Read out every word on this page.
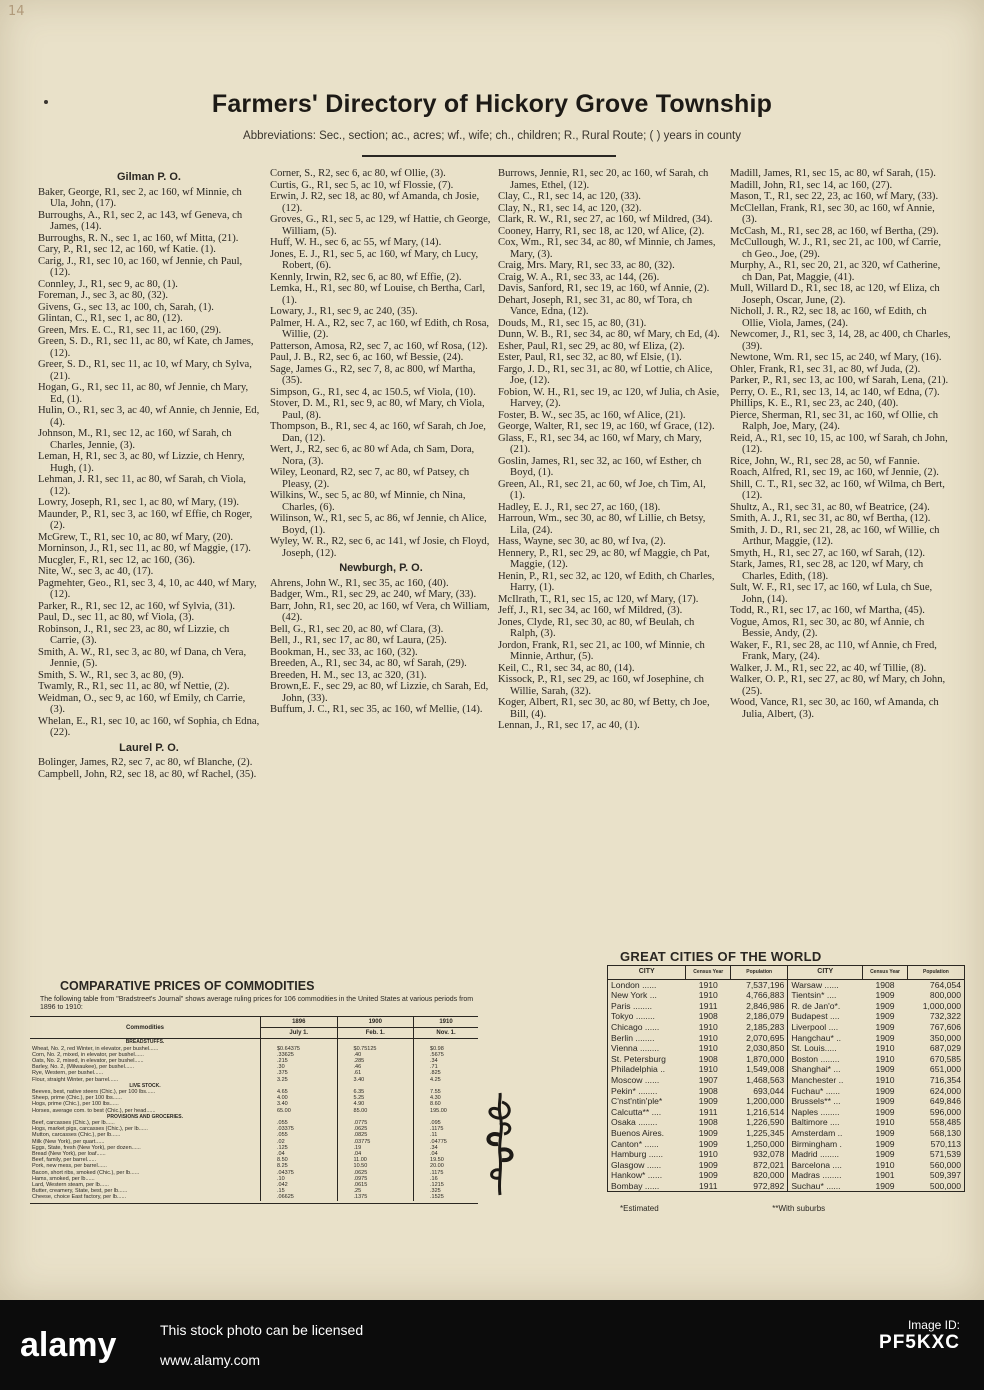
14
Farmers' Directory of Hickory Grove Township
Abbreviations: Sec., section; ac., acres; wf., wife; ch., children; R., Rural Route; ( ) years in county

Gilman P. O.

Baker, George, R1, sec 2, ac 160, wf Minnie, ch Ula, John, (17).

Burroughs, A., R1, sec 2, ac 143, wf Geneva, ch James, (14).

Burroughs, R. N., sec 1, ac 160, wf Mitta, (21).

Cary, P., R1, sec 12, ac 160, wf Katie. (1).

Carig, J., R1, sec 10, ac 160, wf Jennie, ch Paul, (12).

Connley, J., R1, sec 9, ac 80, (1).

Foreman, J., sec 3, ac 80, (32).

Givens, G., sec 13, ac 100, ch, Sarah, (1).

Glintan, C., R1, sec 1, ac 80, (12).

Green, Mrs. E. C., R1, sec 11, ac 160, (29).

Green, S. D., R1, sec 11, ac 80, wf Kate, ch James, (12).

Greer, S. D., R1, sec 11, ac 10, wf Mary, ch Sylva, (21).

Hogan, G., R1, sec 11, ac 80, wf Jennie, ch Mary, Ed, (1).

Hulin, O., R1, sec 3, ac 40, wf Annie, ch Jennie, Ed, (4).

Johnson, M., R1, sec 12, ac 160, wf Sarah, ch Charles, Jennie, (3).

Leman, H, R1, sec 3, ac 80, wf Lizzie, ch Henry, Hugh, (1).

Lehman, J. R1, sec 11, ac 80, wf Sarah, ch Viola, (12).

Lowry, Joseph, R1, sec 1, ac 80, wf Mary, (19).

Maunder, P., R1, sec 3, ac 160, wf Effie, ch Roger, (2).

McGrew, T., R1, sec 10, ac 80, wf Mary, (20).

Morninson, J., R1, sec 11, ac 80, wf Maggie, (17).

Mucgler, F., R1, sec 12, ac 160, (36).

Nite, W., sec 3, ac 40, (17).

Pagmehter, Geo., R1, sec 3, 4, 10, ac 440, wf Mary, (12).

Parker, R., R1, sec 12, ac 160, wf Sylvia, (31).

Paul, D., sec 11, ac 80, wf Viola, (3).

Robinson, J., R1, sec 23, ac 80, wf Lizzie, ch Carrie, (3).

Smith, A. W., R1, sec 3, ac 80, wf Dana, ch Vera, Jennie, (5).

Smith, S. W., R1, sec 3, ac 80, (9).

Twamly, R., R1, sec 11, ac 80, wf Nettie, (2).

Weidman, O., sec 9, ac 160, wf Emily, ch Carrie, (3).

Whelan, E., R1, sec 10, ac 160, wf Sophia, ch Edna, (22).

Laurel P. O.

Bolinger, James, R2, sec 7, ac 80, wf Blanche, (2).

Campbell, John, R2, sec 18, ac 80, wf Rachel, (35).

Corner, S., R2, sec 6, ac 80, wf Ollie, (3).

Curtis, G., R1, sec 5, ac 10, wf Flossie, (7).

Erwin, J. R2, sec 18, ac 80, wf Amanda, ch Josie, (12).

Groves, G., R1, sec 5, ac 129, wf Hattie, ch George, William, (5).

Huff, W. H., sec 6, ac 55, wf Mary, (14).

Jones, E. J., R1, sec 5, ac 160, wf Mary, ch Lucy, Robert, (6).

Kennly, Irwin, R2, sec 6, ac 80, wf Effie, (2).

Lemka, H., R1, sec 80, wf Louise, ch Bertha, Carl, (1).

Lowary, J., R1, sec 9, ac 240, (35).

Palmer, H. A., R2, sec 7, ac 160, wf Edith, ch Rosa, Willie, (2).

Patterson, Amosa, R2, sec 7, ac 160, wf Rosa, (12).

Paul, J. B., R2, sec 6, ac 160, wf Bessie, (24).

Sage, James G., R2, sec 7, 8, ac 800, wf Martha, (35).

Simpson, G., R1, sec 4, ac 150.5, wf Viola, (10).

Stover, D. M., R1, sec 9, ac 80, wf Mary, ch Viola, Paul, (8).

Thompson, B., R1, sec 4, ac 160, wf Sarah, ch Joe, Dan, (12).

Wert, J., R2, sec 6, ac 80 wf Ada, ch Sam, Dora, Nora, (3).

Wiley, Leonard, R2, sec 7, ac 80, wf Patsey, ch Pleasy, (2).

Wilkins, W., sec 5, ac 80, wf Minnie, ch Nina, Charles, (6).

Wilinson, W., R1, sec 5, ac 86, wf Jennie, ch Alice, Boyd, (1).

Wyley, W. R., R2, sec 6, ac 141, wf Josie, ch Floyd, Joseph, (12).

Newburgh, P. O.

Ahrens, John W., R1, sec 35, ac 160, (40).

Badger, Wm., R1, sec 29, ac 240, wf Mary, (33).

Barr, John, R1, sec 20, ac 160, wf Vera, ch William, (42).

Bell, G., R1, sec 20, ac 80, wf Clara, (3).

Bell, J., R1, sec 17, ac 80, wf Laura, (25).

Bookman, H., sec 33, ac 160, (32).

Breeden, A., R1, sec 34, ac 80, wf Sarah, (29).

Breeden, H. M., sec 13, ac 320, (31).

Brown,E. F., sec 29, ac 80, wf Lizzie, ch Sarah, Ed, John, (33).

Buffum, J. C., R1, sec 35, ac 160, wf Mellie, (14).

Burrows, Jennie, R1, sec 20, ac 160, wf Sarah, ch James, Ethel, (12).

Clay, C., R1, sec 14, ac 120, (33).

Clay, N., R1, sec 14, ac 120, (32).

Clark, R. W., R1, sec 27, ac 160, wf Mildred, (34).

Cooney, Harry, R1, sec 18, ac 120, wf Alice, (2).

Cox, Wm., R1, sec 34, ac 80, wf Minnie, ch James, Mary, (3).

Craig, Mrs. Mary, R1, sec 33, ac 80, (32).

Craig, W. A., R1, sec 33, ac 144, (26).

Davis, Sanford, R1, sec 19, ac 160, wf Annie, (2).

Dehart, Joseph, R1, sec 31, ac 80, wf Tora, ch Vance, Edna, (12).

Douds, M., R1, sec 15, ac 80, (31).

Dunn, W. B., R1, sec 34, ac 80, wf Mary, ch Ed, (4).

Esher, Paul, R1, sec 29, ac 80, wf Eliza, (2).

Ester, Paul, R1, sec 32, ac 80, wf Elsie, (1).

Fargo, J. D., R1, sec 31, ac 80, wf Lottie, ch Alice, Joe, (12).

Fobion, W. H., R1, sec 19, ac 120, wf Julia, ch Asie, Harvey, (2).

Foster, B. W., sec 35, ac 160, wf Alice, (21).

George, Walter, R1, sec 19, ac 160, wf Grace, (12).

Glass, F., R1, sec 34, ac 160, wf Mary, ch Mary, (21).

Goslin, James, R1, sec 32, ac 160, wf Esther, ch Boyd, (1).

Green, Al., R1, sec 21, ac 60, wf Joe, ch Tim, Al, (1).

Hadley, E. J., R1, sec 27, ac 160, (18).

Harroun, Wm., sec 30, ac 80, wf Lillie, ch Betsy, Lila, (24).

Hass, Wayne, sec 30, ac 80, wf Iva, (2).

Hennery, P., R1, sec 29, ac 80, wf Maggie, ch Pat, Maggie, (12).

Henin, P., R1, sec 32, ac 120, wf Edith, ch Charles, Harry, (1).

McIlrath, T., R1, sec 15, ac 120, wf Mary, (17).

Jeff, J., R1, sec 34, ac 160, wf Mildred, (3).

Jones, Clyde, R1, sec 30, ac 80, wf Beulah, ch Ralph, (3).

Jordon, Frank, R1, sec 21, ac 100, wf Minnie, ch Minnie, Arthur, (5).

Keil, C., R1, sec 34, ac 80, (14).

Kissock, P., R1, sec 29, ac 160, wf Josephine, ch Willie, Sarah, (32).

Koger, Albert, R1, sec 30, ac 80, wf Betty, ch Joe, Bill, (4).

Lennan, J., R1, sec 17, ac 40, (1).

Madill, James, R1, sec 15, ac 80, wf Sarah, (15).

Madill, John, R1, sec 14, ac 160, (27).

Mason, T., R1, sec 22, 23, ac 160, wf Mary, (33).

McClellan, Frank, R1, sec 30, ac 160, wf Annie, (3).

McCash, M., R1, sec 28, ac 160, wf Bertha, (29).

McCullough, W. J., R1, sec 21, ac 100, wf Carrie, ch Geo., Joe, (29).

Murphy, A., R1, sec 20, 21, ac 320, wf Catherine, ch Dan, Pat, Maggie, (41).

Mull, Willard D., R1, sec 18, ac 120, wf Eliza, ch Joseph, Oscar, June, (2).

Nicholl, J. R., R2, sec 18, ac 160, wf Edith, ch Ollie, Viola, James, (24).

Newcomer, J., R1, sec 3, 14, 28, ac 400, ch Charles, (39).

Newtone, Wm. R1, sec 15, ac 240, wf Mary, (16).

Ohler, Frank, R1, sec 31, ac 80, wf Juda, (2).

Parker, P., R1, sec 13, ac 100, wf Sarah, Lena, (21).

Perry, O. E., R1, sec 13, 14, ac 140, wf Edna, (7).

Phillips, K. E., R1, sec 23, ac 240, (40).

Pierce, Sherman, R1, sec 31, ac 160, wf Ollie, ch Ralph, Joe, Mary, (24).

Reid, A., R1, sec 10, 15, ac 100, wf Sarah, ch John, (12).

Rice, John, W., R1, sec 28, ac 50, wf Fannie.

Roach, Alfred, R1, sec 19, ac 160, wf Jennie, (2).

Shill, C. T., R1, sec 32, ac 160, wf Wilma, ch Bert, (12).

Shultz, A., R1, sec 31, ac 80, wf Beatrice, (24).

Smith, A. J., R1, sec 31, ac 80, wf Bertha, (12).

Smith, J. D., R1, sec 21, 28, ac 160, wf Willie, ch Arthur, Maggie, (12).

Smyth, H., R1, sec 27, ac 160, wf Sarah, (12).

Stark, James, R1, sec 28, ac 120, wf Mary, ch Charles, Edith, (18).

Sult, W. F., R1, sec 17, ac 160, wf Lula, ch Sue, John, (14).

Todd, R., R1, sec 17, ac 160, wf Martha, (45).

Vogue, Amos, R1, sec 30, ac 80, wf Annie, ch Bessie, Andy, (2).

Waker, F., R1, sec 28, ac 110, wf Annie, ch Fred, Frank, Mary, (24).

Walker, J. M., R1, sec 22, ac 40, wf Tillie, (8).

Walker, O. P., R1, sec 27, ac 80, wf Mary, ch John, (25).

Wood, Vance, R1, sec 30, ac 160, wf Amanda, ch Julia, Albert, (3).

COMPARATIVE PRICES OF COMMODITIES
The following table from "Bradstreet's Journal" shows average ruling prices for 106 commodities in the United States at various periods from 1896 to 1910:
Commodities	1896	1900	1910
	July 1.	Feb. 1.	Nov. 1.
BREADSTUFFS.			
Wheat, No. 2, red Winter, in elevator, per bushel......	$0.64375	$0.75125	$0.98
Corn, No. 2, mixed, in elevator, per bushel......	.33625	.40	.5675
Oats, No. 2, mixed, in elevator, per bushel......	.215	.285	.34
Barley, No. 2, (Milwaukee), per bushel......	.30	.46	.71
Rye, Western, per bushel......	.375	.61	.825
Flour, straight Winter, per barrel......	3.25	3.40	4.25
LIVE STOCK.			
Beeves, best, native steers (Chic.), per 100 lbs......	4.65	6.35	7.55
Sheep, prime (Chic.), per 100 lbs......	4.00	5.25	4.30
Hogs, prime (Chic.), per 100 lbs......	3.40	4.90	8.60
Horses, average com. to best (Chic.), per head......	65.00	85.00	195.00
PROVISIONS AND GROCERIES.			
Beef, carcasses (Chic.), per lb......	.055	.0775	.095
Hogs, market pigs, carcasses (Chic.), per lb......	.03375	.0625	.1175
Mutton, carcasses (Chic.), per lb......	.055	.0825	.11
Milk (New York), per quart......	.02	.03775	.04775
Eggs, State, fresh (New York), per dozen......	.125	.19	.34
Bread (New York), per loaf......	.04	.04	.04
Beef, family, per barrel......	8.50	11.00	19.50
Pork, new mess, per barrel......	8.25	10.50	20.00
Bacon, short ribs, smoked (Chic.), per lb......	.04375	.0625	.1175
Hams, smoked, per lb......	.10	.0975	.16
Lard, Western steam, per lb......	.042	.0615	.1215
Butter, creamery, State, best, per lb......	.15	.25	.325
Cheese, choice East factory, per lb......	.06625	.1375	.1525
GREAT CITIES OF THE WORLD
CITY	Census Year	Population	CITY	Census Year	Population
London ......	1910	7,537,196	Warsaw ......	1908	764,054
New York ...	1910	4,766,883	Tientsin* ....	1909	800,000
Paris ........	1911	2,846,986	R. de Jan'o*.	1909	1,000,000
Tokyo ........	1908	2,186,079	Budapest ....	1909	732,322
Chicago ......	1910	2,185,283	Liverpool ....	1909	767,606
Berlin ........	1910	2,070,695	Hangchau* ..	1909	350,000
Vienna ........	1910	2,030,850	St. Louis.....	1910	687,029
St. Petersburg	1908	1,870,000	Boston ........	1910	670,585
Philadelphia ..	1910	1,549,008	Shanghai* ...	1909	651,000
Moscow ......	1907	1,468,563	Manchester ..	1910	716,354
Pekin* ........	1908	693,044	Fuchau* ......	1909	624,000
C'nst'ntin'ple*	1909	1,200,000	Brussels** ...	1909	649,846
Calcutta** ....	1911	1,216,514	Naples ........	1909	596,000
Osaka ........	1908	1,226,590	Baltimore ....	1910	558,485
Buenos Aires.	1909	1,225,345	Amsterdam ..	1909	568,130
Canton* ......	1909	1,250,000	Birmingham .	1909	570,113
Hamburg ......	1910	932,078	Madrid ........	1909	571,539
Glasgow ......	1909	872,021	Barcelona ....	1910	560,000
Hankow* ......	1909	820,000	Madras ........	1901	509,397
Bombay ......	1911	972,892	Suchau* ......	1909	500,000
*Estimated	**With suburbs
alamy	This stock photo can be licensed
www.alamy.com
Image ID:
PF5KXC
